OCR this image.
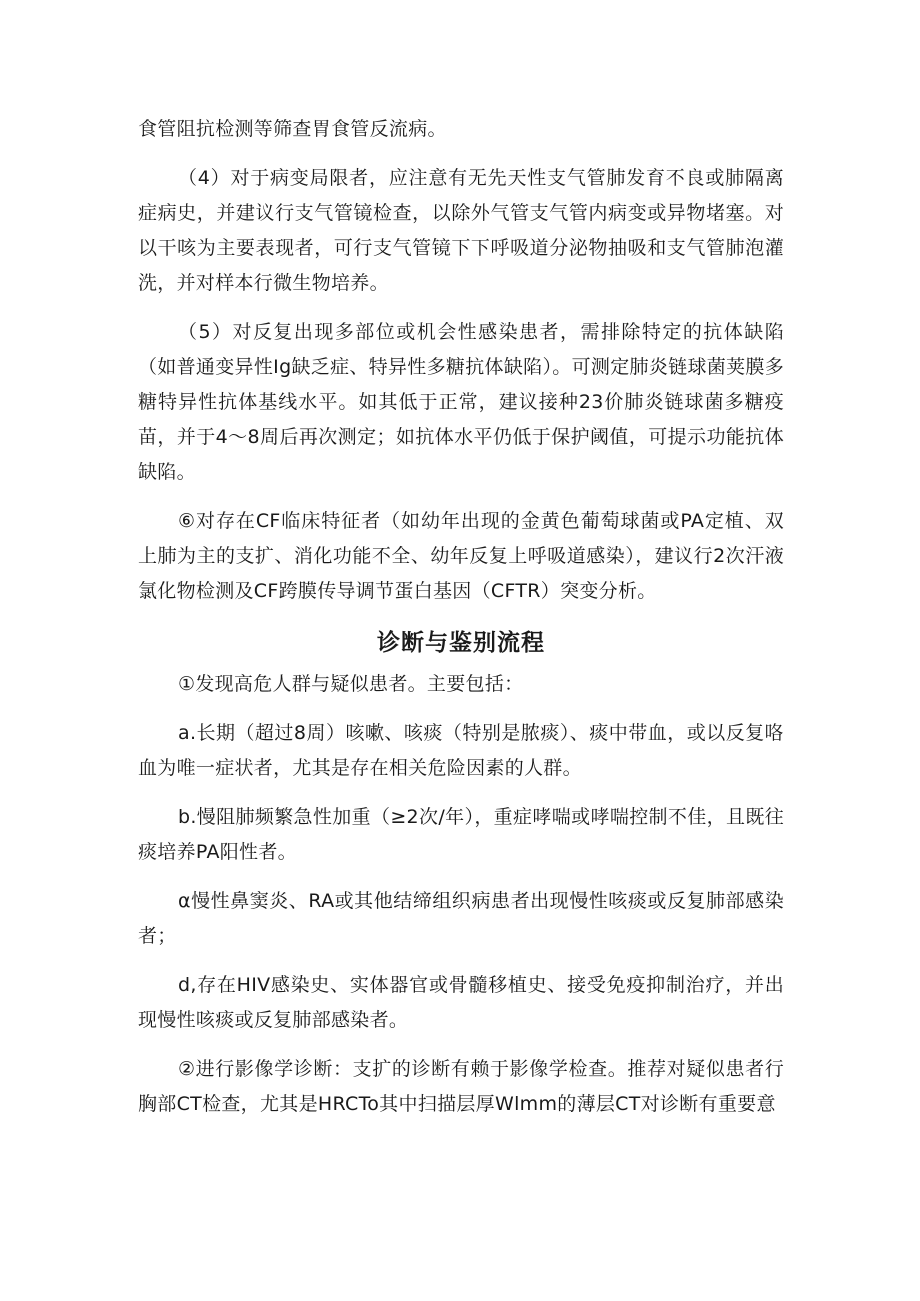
食管阻抗检测等筛查胃食管反流病。

（4）对于病变局限者，应注意有无先天性支气管肺发育不良或肺隔离症病史，并建议行支气管镜检查，以除外气管支气管内病变或异物堵塞。对以干咳为主要表现者，可行支气管镜下下呼吸道分泌物抽吸和支气管肺泡灌洗，并对样本行微生物培养。

（5）对反复出现多部位或机会性感染患者，需排除特定的抗体缺陷（如普通变异性Ig缺乏症、特异性多糖抗体缺陷）。可测定肺炎链球菌荚膜多糖特异性抗体基线水平。如其低于正常，建议接种23价肺炎链球菌多糖疫苗，并于4～8周后再次测定；如抗体水平仍低于保护阈值，可提示功能抗体缺陷。

⑥对存在CF临床特征者（如幼年出现的金黄色葡萄球菌或PA定植、双上肺为主的支扩、消化功能不全、幼年反复上呼吸道感染），建议行2次汗液氯化物检测及CF跨膜传导调节蛋白基因（CFTR）突变分析。

诊断与鉴别流程

①发现高危人群与疑似患者。主要包括：

a.长期（超过8周）咳嗽、咳痰（特别是脓痰）、痰中带血，或以反复咯血为唯一症状者，尤其是存在相关危险因素的人群。

b.慢阻肺频繁急性加重（≥2次/年），重症哮喘或哮喘控制不佳，且既往痰培养PA阳性者。

α慢性鼻窦炎、RA或其他结缔组织病患者出现慢性咳痰或反复肺部感染者；

d,存在HIV感染史、实体器官或骨髓移植史、接受免疫抑制治疗，并出现慢性咳痰或反复肺部感染者。

②进行影像学诊断：支扩的诊断有赖于影像学检查。推荐对疑似患者行胸部CT检查，尤其是HRCTo其中扫描层厚Wlmm的薄层CT对诊断有重要意
